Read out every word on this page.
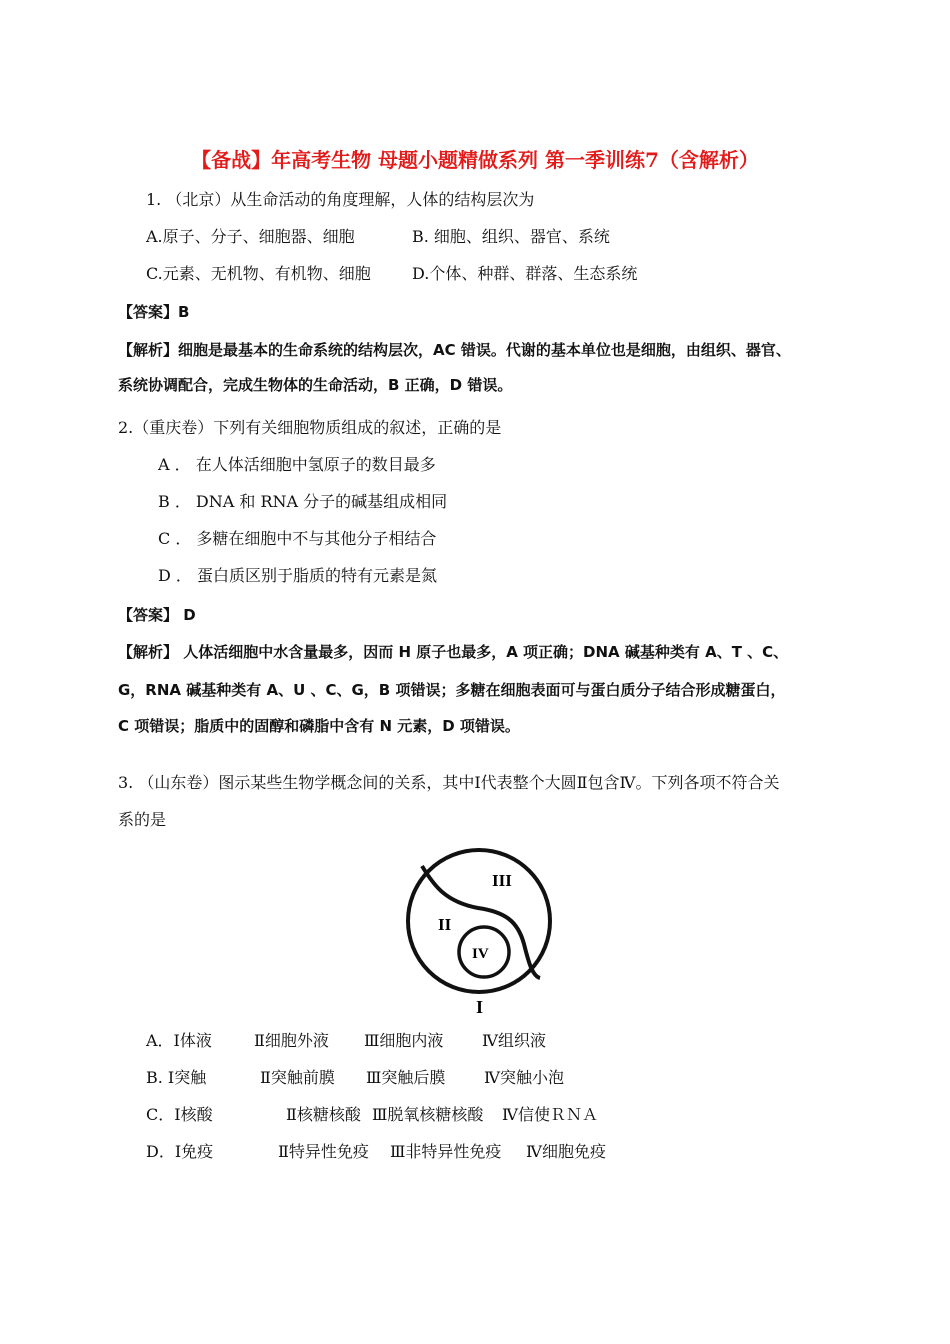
【备战】年高考生物 母题小题精做系列 第一季训练7（含解析）
1. （北京）从生命活动的角度理解，人体的结构层次为
A.原子、分子、细胞器、细胞	B. 细胞、组织、器官、系统
C.元素、无机物、有机物、细胞	D.个体、种群、群落、生态系统
【答案】B
【解析】细胞是最基本的生命系统的结构层次，AC 错误。代谢的基本单位也是细胞，由组织、器官、
系统协调配合，完成生物体的生命活动，B 正确，D 错误。
2.（重庆卷）下列有关细胞物质组成的叙述，正确的是
A ． 在人体活细胞中氢原子的数目最多
B ． DNA 和 RNA 分子的碱基组成相同
C ． 多糖在细胞中不与其他分子相结合
D ． 蛋白质区别于脂质的特有元素是氮
【答案】 D
【解析】 人体活细胞中水含量最多，因而 H 原子也最多，A 项正确；DNA 碱基种类有 A、T 、C、
G，RNA 碱基种类有 A、U 、C、G，B 项错误；多糖在细胞表面可与蛋白质分子结合形成糖蛋白，
C 项错误；脂质中的固醇和磷脂中含有 N 元素，D 项错误。
3. （山东卷）图示某些生物学概念间的关系，其中Ⅰ代表整个大圆Ⅱ包含Ⅳ。下列各项不符合关
系的是
III
II
IV
I
A．Ⅰ体液	Ⅱ细胞外液 Ⅲ细胞内液 Ⅳ组织液
B. Ⅰ突触	Ⅱ突触前膜 Ⅲ突触后膜 Ⅳ突触小泡
C．Ⅰ核酸	Ⅱ核糖核酸 Ⅲ脱氧核糖核酸 Ⅳ信使ＲＮＡ
D．Ⅰ免疫	Ⅱ特异性免疫 Ⅲ非特异性免疫 Ⅳ细胞免疫
